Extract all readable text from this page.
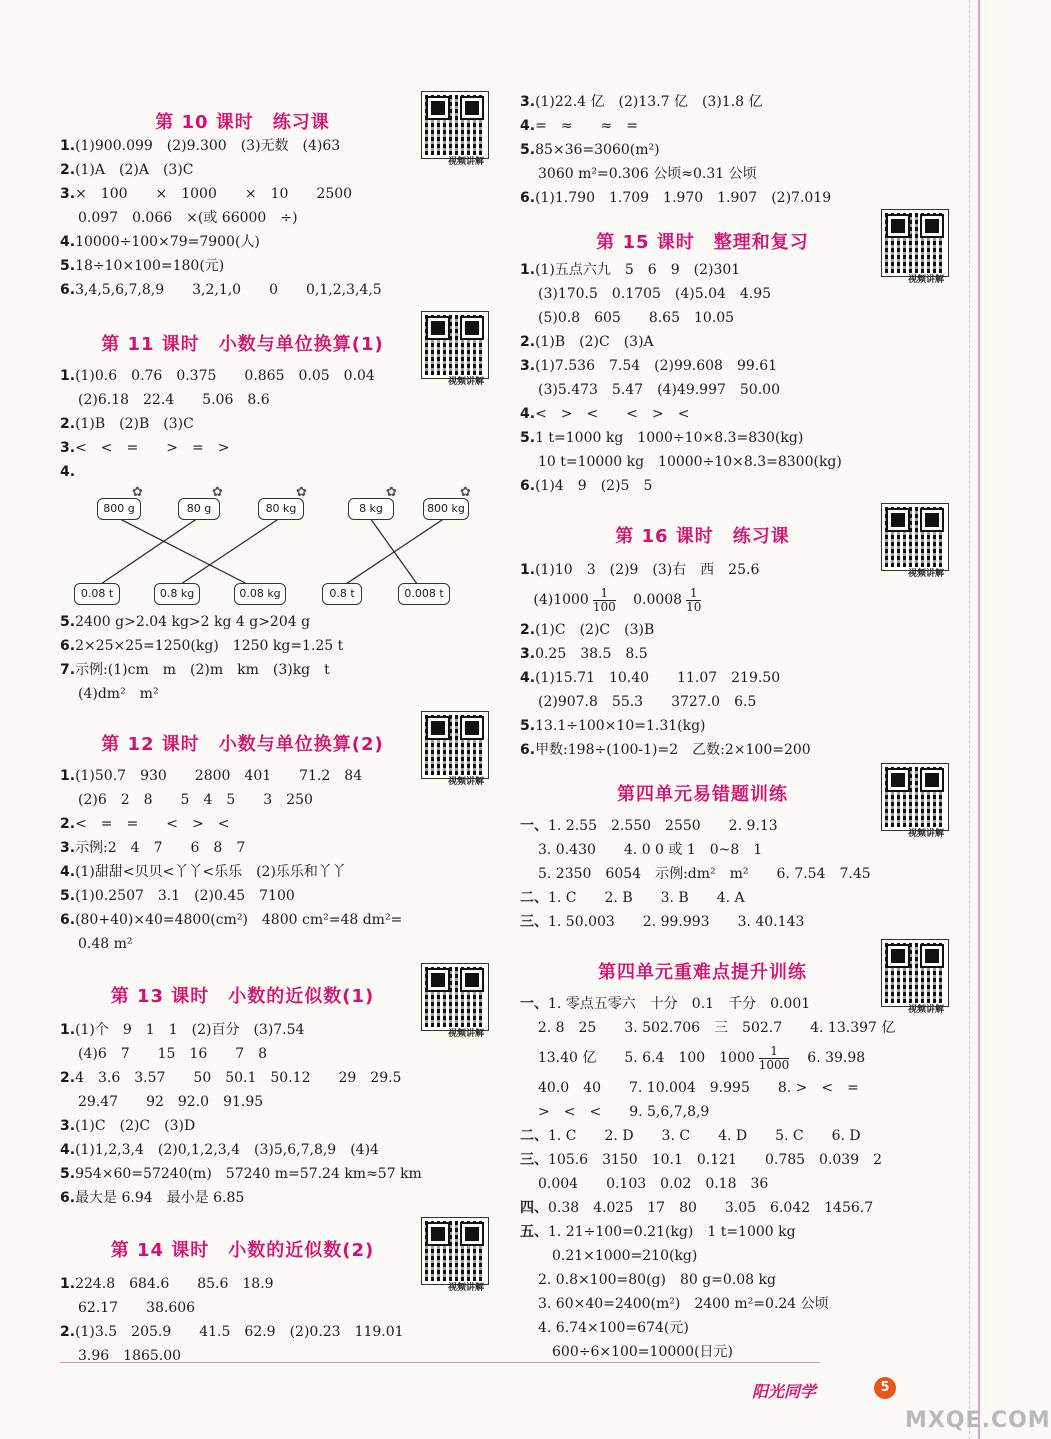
第 10 课时　练习课
视频讲解
1.(1)900.099　(2)9.300　(3)无数　(4)63
2.(1)A　(2)A　(3)C
3.×　100　　×　1000　　×　10　　2500
0.097　0.066　×(或 66000　÷)
4.10000÷100×79=7900(人)
5.18÷10×100=180(元)
6.3,4,5,6,7,8,9　　3,2,1,0　　0　　0,1,2,3,4,5
第 11 课时　小数与单位换算(1)
视频讲解
1.(1)0.6　0.76　0.375　　0.865　0.05　0.04
(2)6.18　22.4　　5.06　8.6
2.(1)B　(2)B　(3)C
3.<　<　=　　>　=　>
4.
800 g	80 g	80 kg	8 kg	800 kg
✿	✿	✿	✿	✿
0.08 t	0.8 kg	0.08 kg	0.8 t	0.008 t
5.2400 g>2.04 kg>2 kg 4 g>204 g
6.2×25×25=1250(kg)　1250 kg=1.25 t
7.示例:(1)cm　m　(2)m　km　(3)kg　t
(4)dm²　m²
第 12 课时　小数与单位换算(2)
视频讲解
1.(1)50.7　930　　2800　401　　71.2　84
(2)6　2　8　　5　4　5　　3　250
2.<　=　=　　<　>　<
3.示例:2　4　7　　6　8　7
4.(1)甜甜<贝贝<丫丫<乐乐　(2)乐乐和丫丫
5.(1)0.2507　3.1　(2)0.45　7100
6.(80+40)×40=4800(cm²)　4800 cm²=48 dm²=
0.48 m²
第 13 课时　小数的近似数(1)
视频讲解
1.(1)个　9　1　1　(2)百分　(3)7.54
(4)6　7　　15　16　　7　8
2.4　3.6　3.57　　50　50.1　50.12　　29　29.5
29.47　　92　92.0　91.95
3.(1)C　(2)C　(3)D
4.(1)1,2,3,4　(2)0,1,2,3,4　(3)5,6,7,8,9　(4)4
5.954×60=57240(m)　57240 m=57.24 km≈57 km
6.最大是 6.94　最小是 6.85
第 14 课时　小数的近似数(2)
视频讲解
1.224.8　684.6　　85.6　18.9
62.17　　38.606
2.(1)3.5　205.9　　41.5　62.9　(2)0.23　119.01
3.96　1865.00
3.(1)22.4 亿　(2)13.7 亿　(3)1.8 亿
4.=　≈　　≈　=
5.85×36=3060(m²)
3060 m²=0.306 公顷≈0.31 公顷
6.(1)1.790　1.709　1.970　1.907　(2)7.019
第 15 课时　整理和复习
视频讲解
1.(1)五点六九　5　6　9　(2)301
(3)170.5　0.1705　(4)5.04　4.95
(5)0.8　605　　8.65　10.05
2.(1)B　(2)C　(3)A
3.(1)7.536　7.54　(2)99.608　99.61
(3)5.473　5.47　(4)49.997　50.00
4.<　>　<　　<　>　<
5.1 t=1000 kg　1000÷10×8.3=830(kg)
10 t=10000 kg　10000÷10×8.3=8300(kg)
6.(1)4　9　(2)5　5
第 16 课时　练习课
视频讲解
1.(1)10　3　(2)9　(3)右　西　25.6
$(4)1000 \frac{1}{100} 0.0008 \frac{1}{10}$
2.(1)C　(2)C　(3)B
3.0.25　38.5　8.5
4.(1)15.71　10.40　　11.07　219.50
(2)907.8　55.3　　3727.0　6.5
5.13.1÷100×10=1.31(kg)
6.甲数:198÷(100-1)=2　乙数:2×100=200
第四单元易错题训练
视频讲解
一、1. 2.55　2.550　2550　　2. 9.13
3. 0.430　　4. 0 0 或 1　0~8　1
5. 2350　6054　示例:dm²　m²　　6. 7.54　7.45
二、1. C　　2. B　　3. B　　4. A
三、1. 50.003　　2. 99.993　　3. 40.143
第四单元重难点提升训练
视频讲解
一、1. 零点五零六　十分　0.1　千分　0.001
2. 8　25　　3. 502.706　三　502.7　　4. 13.397 亿
13.40 亿　　5. 6.4　100　$1000 \frac{1}{1000}$ 　6. 39.98
40.0　40　　7. 10.004　9.995　　8. >　<　=
>　<　<　　9. 5,6,7,8,9
二、1. C　　2. D　　3. C　　4. D　　5. C　　6. D
三、105.6　3150　10.1　0.121　　0.785　0.039　2
0.004　　0.103　0.02　0.18　36
四、0.38　4.025　17　80　　3.05　6.042　1456.7
五、1. 21÷100=0.21(kg)　1 t=1000 kg
　0.21×1000=210(kg)
2. 0.8×100=80(g)　80 g=0.08 kg
3. 60×40=2400(m²)　2400 m²=0.24 公顷
4. 6.74×100=674(元)
　600÷6×100=10000(日元)
阳光同学	5
MXQE.COM
